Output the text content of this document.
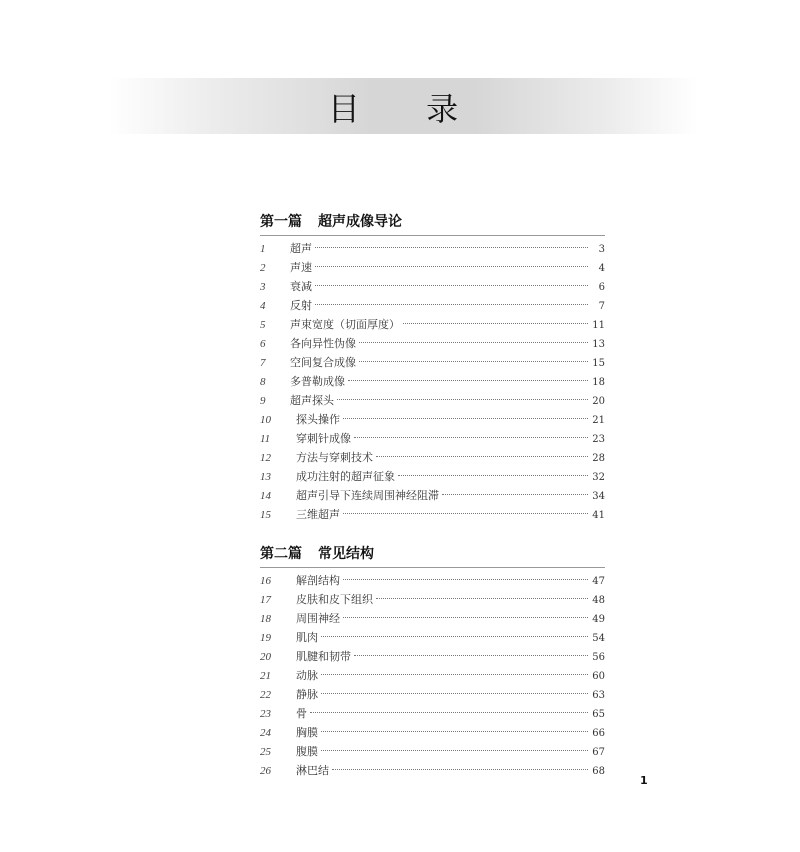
目 录
第一篇 超声成像导论
1	超声	3
2	声速	4
3	衰减	6
4	反射	7
5	声束宽度（切面厚度）	11
6	各向异性伪像	13
7	空间复合成像	15
8	多普勒成像	18
9	超声探头	20
10	探头操作	21
11	穿刺针成像	23
12	方法与穿刺技术	28
13	成功注射的超声征象	32
14	超声引导下连续周围神经阻滞	34
15	三维超声	41
第二篇 常见结构
16	解剖结构	47
17	皮肤和皮下组织	48
18	周围神经	49
19	肌肉	54
20	肌腱和韧带	56
21	动脉	60
22	静脉	63
23	骨	65
24	胸膜	66
25	腹膜	67
26	淋巴结	68
1
